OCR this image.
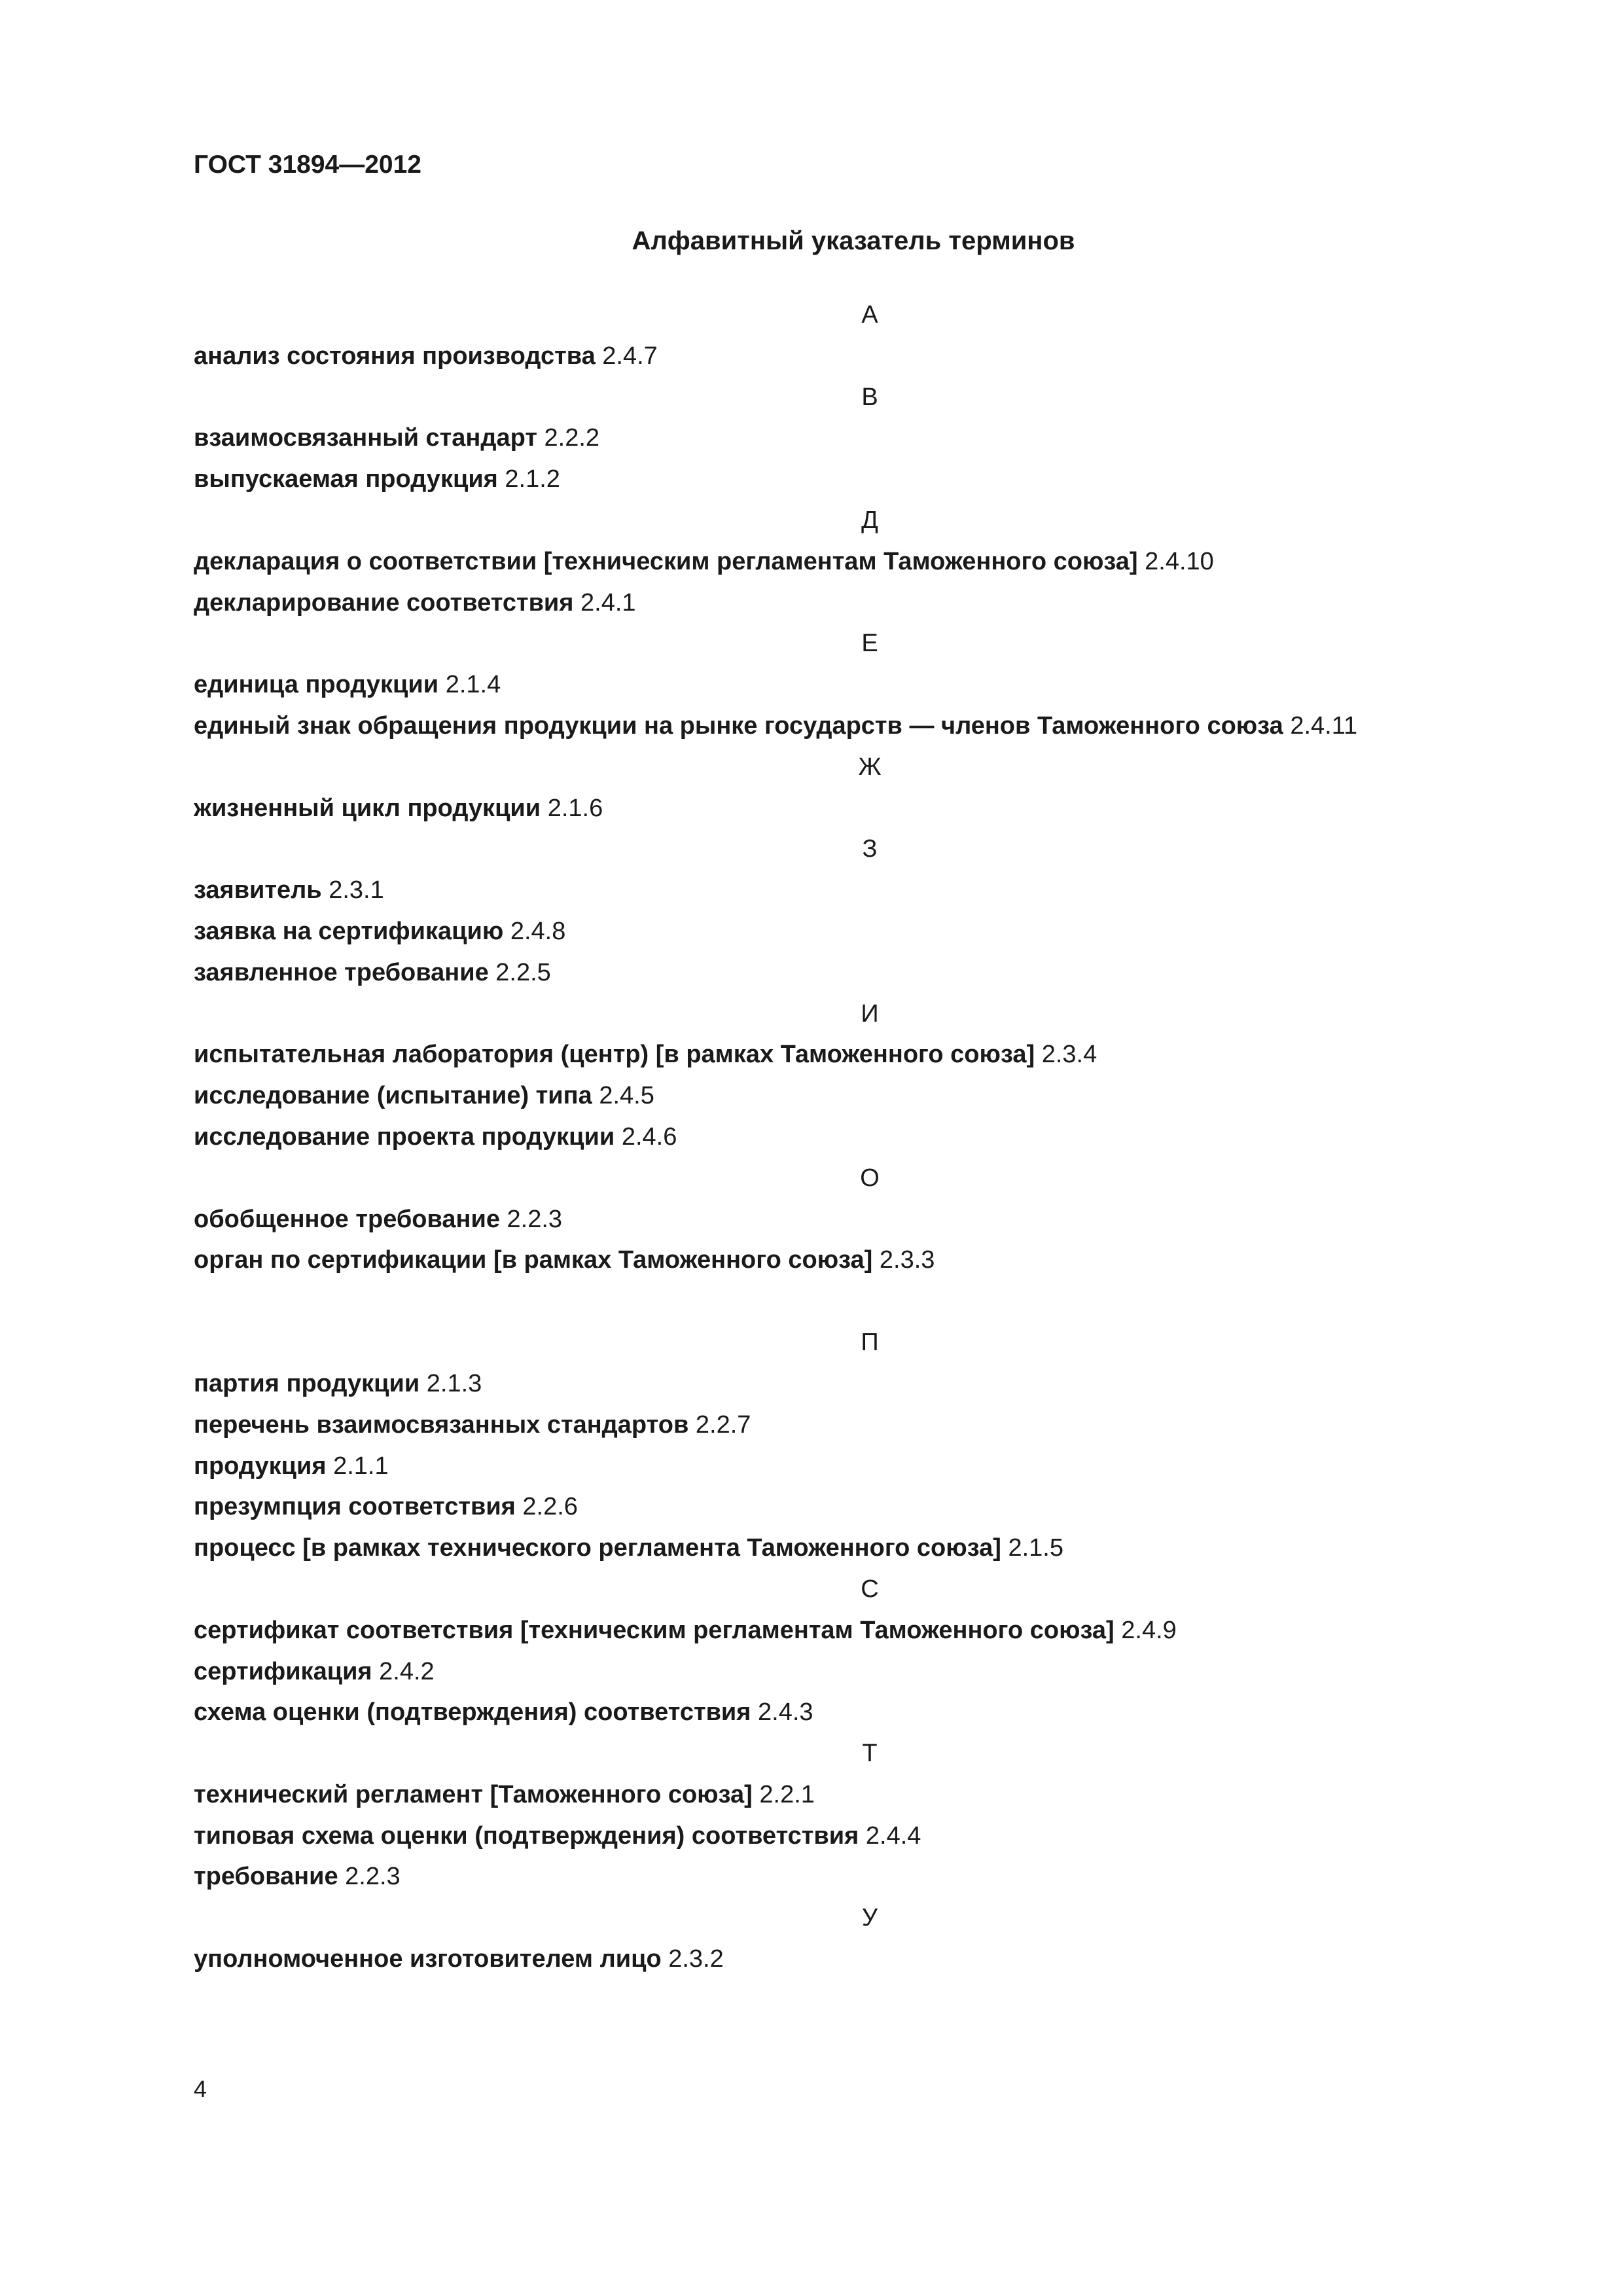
ГОСТ 31894—2012
Алфавитный указатель терминов
А
анализ состояния производства 2.4.7
В
взаимосвязанный стандарт 2.2.2
выпускаемая продукция 2.1.2
Д
декларация о соответствии [техническим регламентам Таможенного союза] 2.4.10
декларирование соответствия 2.4.1
Е
единица продукции 2.1.4
единый знак обращения продукции на рынке государств — членов Таможенного союза 2.4.11
Ж
жизненный цикл продукции 2.1.6
З
заявитель 2.3.1
заявка на сертификацию 2.4.8
заявленное требование 2.2.5
И
испытательная лаборатория (центр) [в рамках Таможенного союза] 2.3.4
исследование (испытание) типа 2.4.5
исследование проекта продукции 2.4.6
О
обобщенное требование 2.2.3
орган по сертификации [в рамках Таможенного союза] 2.3.3
П
партия продукции 2.1.3
перечень взаимосвязанных стандартов 2.2.7
продукция 2.1.1
презумпция соответствия 2.2.6
процесс [в рамках технического регламента Таможенного союза] 2.1.5
С
сертификат соответствия [техническим регламентам Таможенного союза] 2.4.9
сертификация 2.4.2
схема оценки (подтверждения) соответствия 2.4.3
Т
технический регламент [Таможенного союза] 2.2.1
типовая схема оценки (подтверждения) соответствия 2.4.4
требование 2.2.3
У
уполномоченное изготовителем лицо 2.3.2
4
